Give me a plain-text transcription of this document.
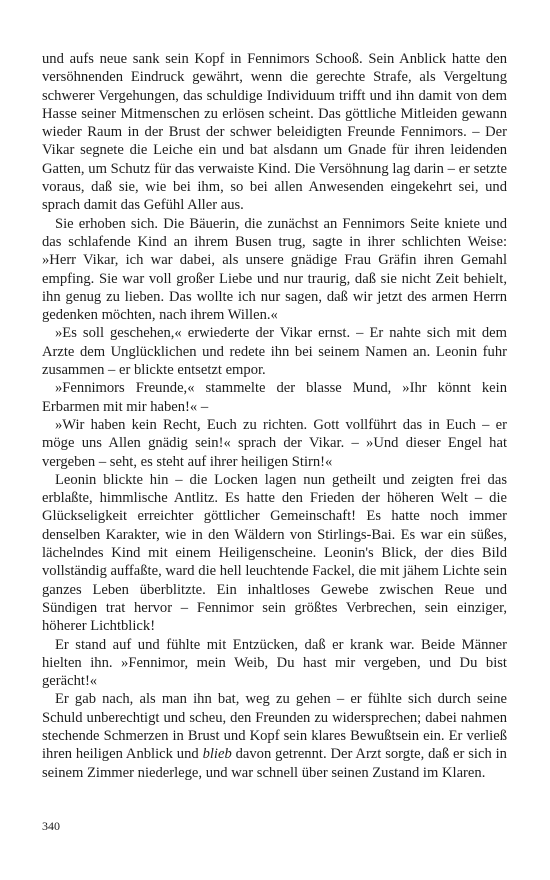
und aufs neue sank sein Kopf in Fennimors Schooß. Sein Anblick hatte den versöhnenden Eindruck gewährt, wenn die gerechte Strafe, als Vergeltung schwerer Vergehungen, das schuldige Individuum trifft und ihn damit von dem Hasse seiner Mitmenschen zu erlösen scheint. Das göttliche Mitleiden gewann wieder Raum in der Brust der schwer beleidigten Freunde Fennimors. – Der Vikar segnete die Leiche ein und bat alsdann um Gnade für ihren leidenden Gatten, um Schutz für das verwaiste Kind. Die Versöhnung lag darin – er setzte voraus, daß sie, wie bei ihm, so bei allen Anwesenden eingekehrt sei, und sprach damit das Gefühl Aller aus.

Sie erhoben sich. Die Bäuerin, die zunächst an Fennimors Seite kniete und das schlafende Kind an ihrem Busen trug, sagte in ihrer schlichten Weise: »Herr Vikar, ich war dabei, als unsere gnädige Frau Gräfin ihren Gemahl empfing. Sie war voll großer Liebe und nur traurig, daß sie nicht Zeit behielt, ihn genug zu lieben. Das wollte ich nur sagen, daß wir jetzt des armen Herrn gedenken möchten, nach ihrem Willen.«

»Es soll geschehen,« erwiederte der Vikar ernst. – Er nahte sich mit dem Arzte dem Unglücklichen und redete ihn bei seinem Namen an. Leonin fuhr zusammen – er blickte entsetzt empor.

»Fennimors Freunde,« stammelte der blasse Mund, »Ihr könnt kein Erbarmen mit mir haben!« –

»Wir haben kein Recht, Euch zu richten. Gott vollführt das in Euch – er möge uns Allen gnädig sein!« sprach der Vikar. – »Und dieser Engel hat vergeben – seht, es steht auf ihrer heiligen Stirn!«

Leonin blickte hin – die Locken lagen nun getheilt und zeigten frei das erblaßte, himmlische Antlitz. Es hatte den Frieden der höheren Welt – die Glückseligkeit erreichter göttlicher Gemeinschaft! Es hatte noch immer denselben Karakter, wie in den Wäldern von Stirlings-Bai. Es war ein süßes, lächelndes Kind mit einem Heiligenscheine. Leonin's Blick, der dies Bild vollständig auffaßte, ward die hell leuchtende Fackel, die mit jähem Lichte sein ganzes Leben überblitzte. Ein inhaltloses Gewebe zwischen Reue und Sündigen trat hervor – Fennimor sein größtes Verbrechen, sein einziger, höherer Lichtblick!

Er stand auf und fühlte mit Entzücken, daß er krank war. Beide Männer hielten ihn. »Fennimor, mein Weib, Du hast mir vergeben, und Du bist gerächt!«

Er gab nach, als man ihn bat, weg zu gehen – er fühlte sich durch seine Schuld unberechtigt und scheu, den Freunden zu widersprechen; dabei nahmen stechende Schmerzen in Brust und Kopf sein klares Bewußtsein ein. Er verließ ihren heiligen Anblick und blieb davon getrennt. Der Arzt sorgte, daß er sich in seinem Zimmer niederlege, und war schnell über seinen Zustand im Klaren.

340
